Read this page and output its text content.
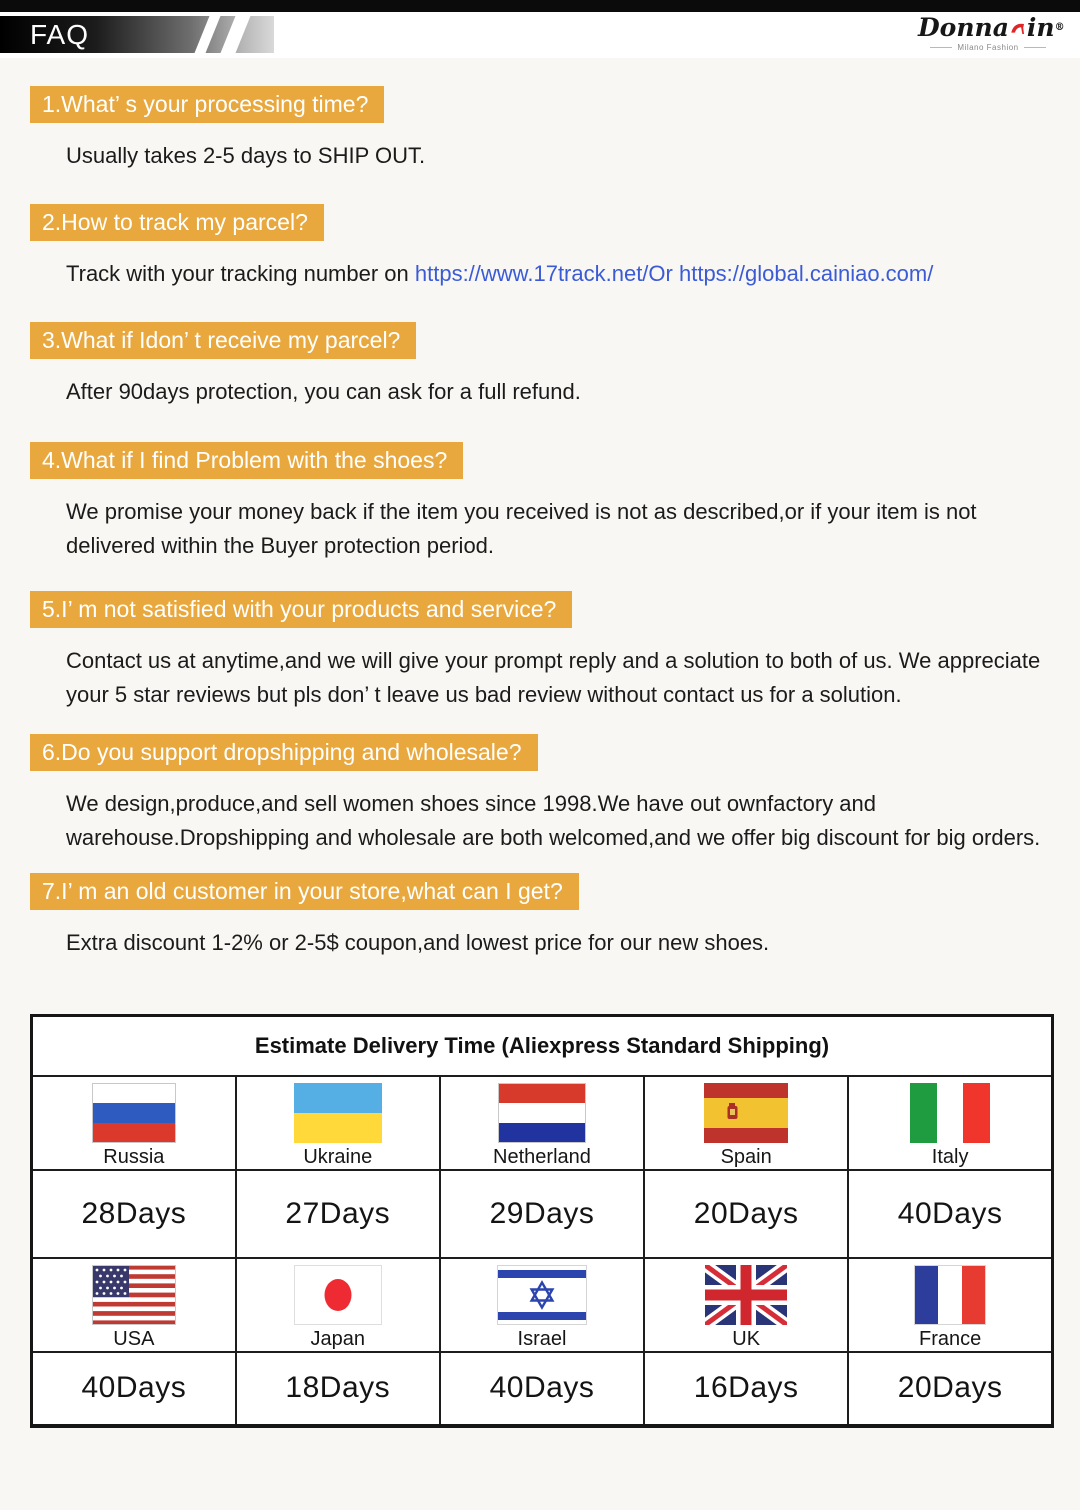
FAQ	Donna in®
Milano Fashion
1.What’ s your processing time?
Usually takes 2-5 days to SHIP OUT.
2.How to track my parcel?
Track with your tracking number on https://www.17track.net/Or https://global.cainiao.com/
3.What if Idon’ t receive my parcel?
After 90days protection, you can ask for a full refund.
4.What if I find Problem with the shoes?
We promise your money back if the item you received is not as described,or if your item is not delivered within the Buyer protection period.
5.I’ m not satisfied with your products and service?
Contact us at anytime,and we will give your prompt reply and a solution to both of us. We appreciate your 5 star reviews but pls don’ t leave us bad review without contact us for a solution.
6.Do you support dropshipping and wholesale?
We design,produce,and sell women shoes since 1998.We have out ownfactory and warehouse.Dropshipping and wholesale are both welcomed,and we offer big discount for big orders.
7.I’ m an old customer in your store,what can I get?
Extra discount 1-2% or 2-5$ coupon,and lowest price for our new shoes.
Estimate Delivery Time (Aliexpress Standard Shipping)				

Russia	Ukraine	Netherland	Spain	Italy

28Days	27Days	29Days	20Days	40Days

USA	Japan	Israel	UK	France

40Days	18Days	40Days	16Days	20Days
